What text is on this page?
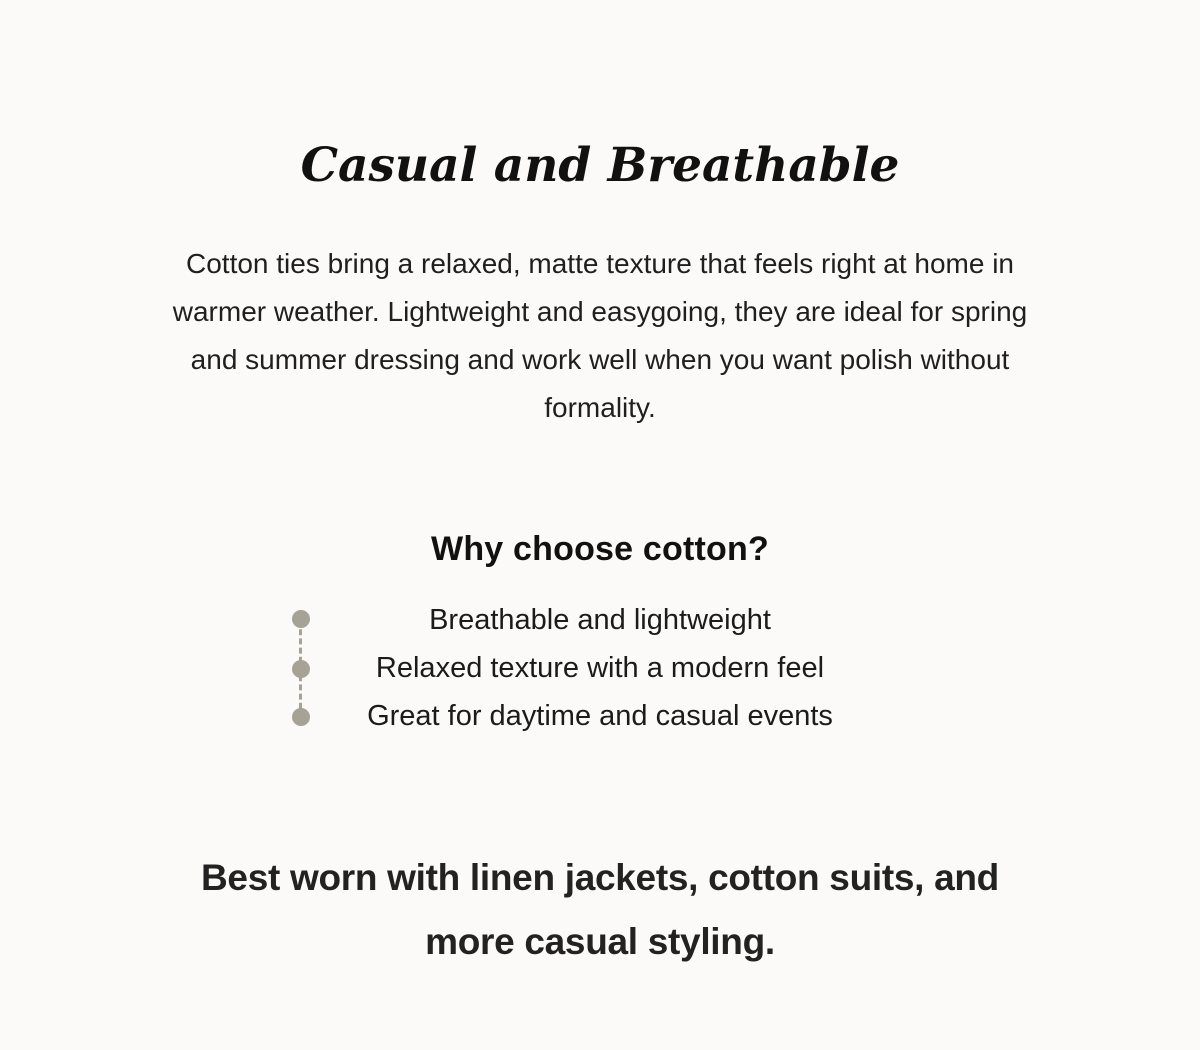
Casual and Breathable

Cotton ties bring a relaxed, matte texture that feels right at home in warmer weather. Lightweight and easygoing, they are ideal for spring and summer dressing and work well when you want polish without formality.

Why choose cotton?
Breathable and lightweight
Relaxed texture with a modern feel
Great for daytime and casual events

Best worn with linen jackets, cotton suits, and more casual styling.
